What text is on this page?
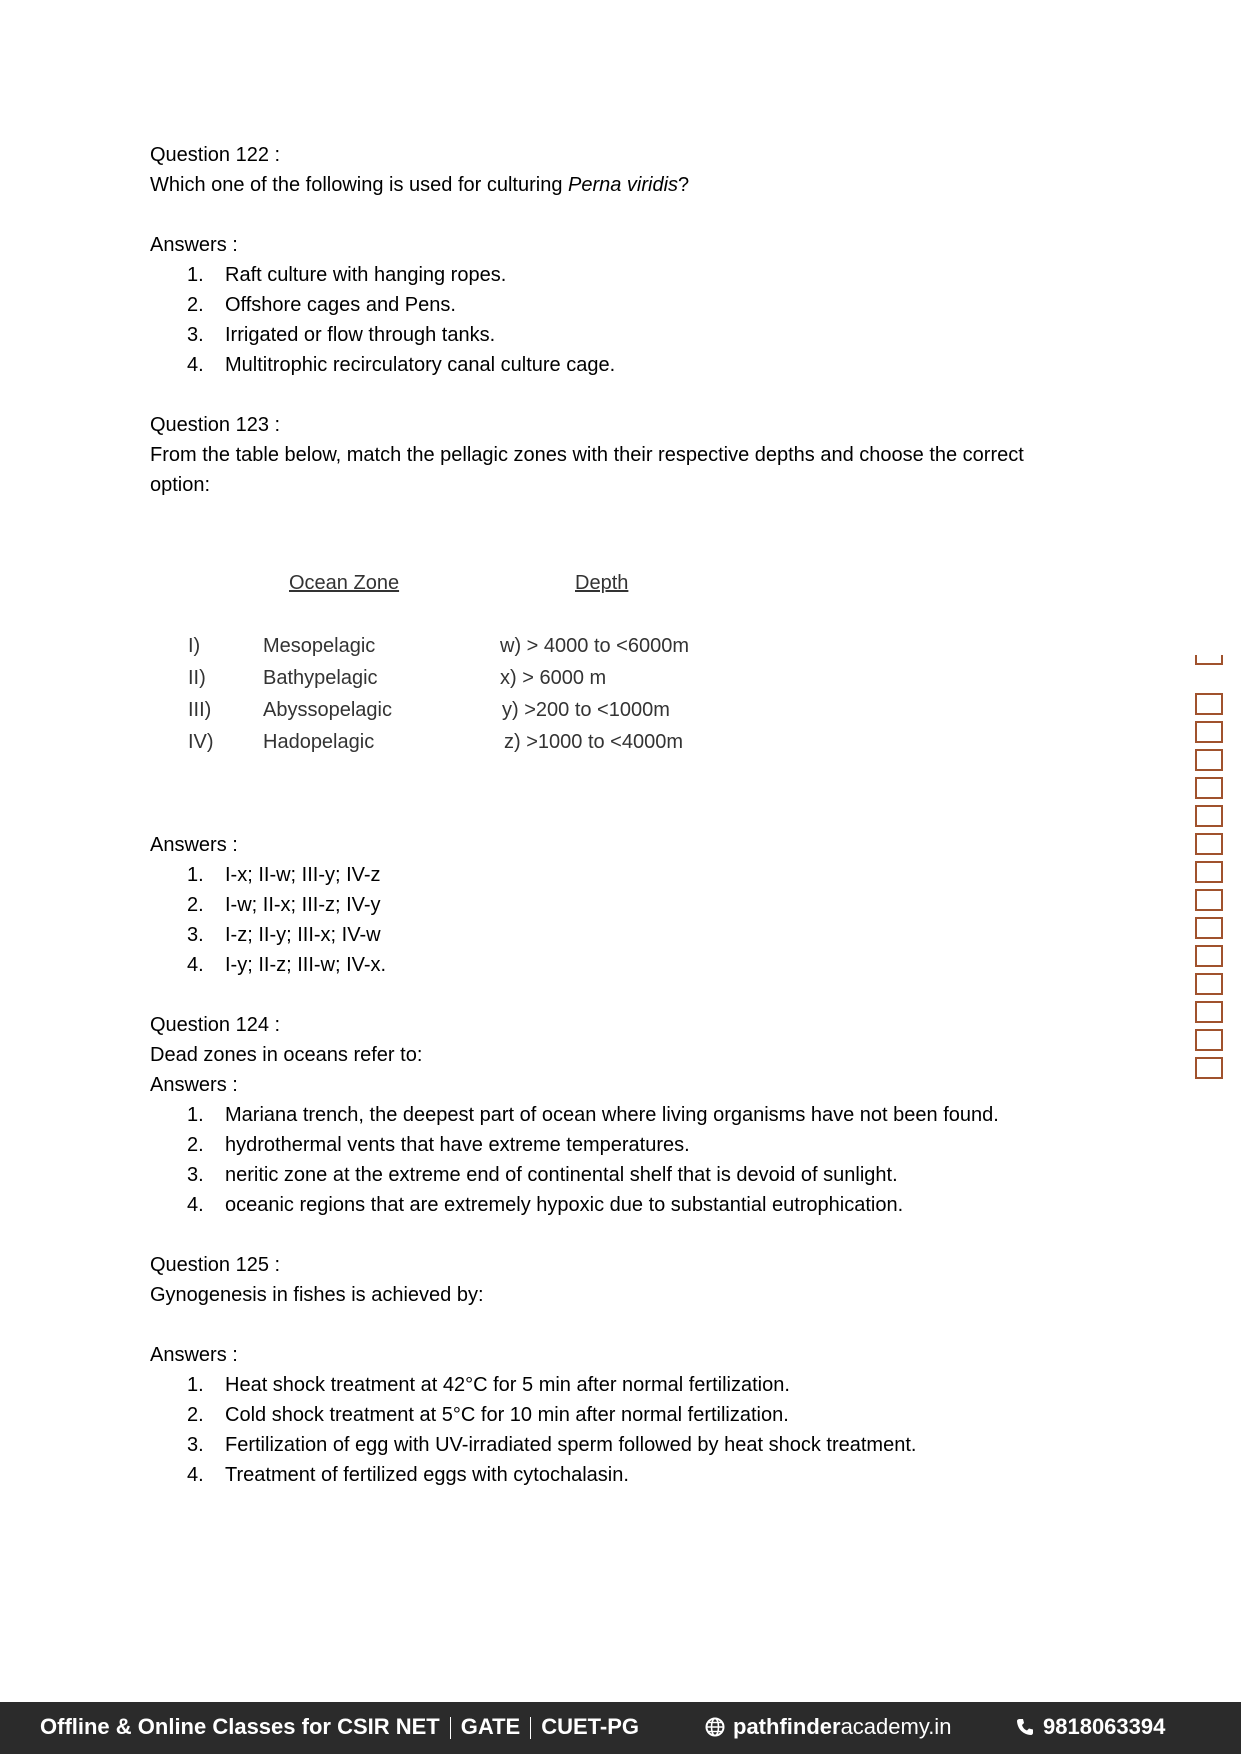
Question 122 :

Which one of the following is used for culturing Perna viridis?

Answers :

1.	Raft culture with hanging ropes.
2.	Offshore cages and Pens.
3.	Irrigated or flow through tanks.
4.	Multitrophic recirculatory canal culture cage.

Question 123 :

From the table below, match the pellagic zones with their respective depths and choose the correct

option:

Answers :

1.	I-x; II-w; III-y; IV-z
2.	I-w; II-x; III-z; IV-y
3.	I-z; II-y; III-x; IV-w
4.	I-y; II-z; III-w; IV-x.

Question 124 :

Dead zones in oceans refer to:

Answers :

1.	Mariana trench, the deepest part of ocean where living organisms have not been found.
2.	hydrothermal vents that have extreme temperatures.
3.	neritic zone at the extreme end of continental shelf that is devoid of sunlight.
4.	oceanic regions that are extremely hypoxic due to substantial eutrophication.

Question 125 :

Gynogenesis in fishes is achieved by:

Answers :

1.	Heat shock treatment at 42°C for 5 min after normal fertilization.
2.	Cold shock treatment at 5°C for 10 min after normal fertilization.
3.	Fertilization of egg with UV-irradiated sperm followed by heat shock treatment.
4.	Treatment of fertilized eggs with cytochalasin.
Ocean Zone	Depth
I)	Mesopelagic	w) > 4000 to <6000m
II)	Bathypelagic	x) > 6000 m
III)	Abyssopelagic	y) >200 to <1000m
IV) Hadopelagic	z) >1000 to <4000m
Offline & Online Classes for CSIR NET GATE CUET-PG	pathfinderacademy.in	9818063394
